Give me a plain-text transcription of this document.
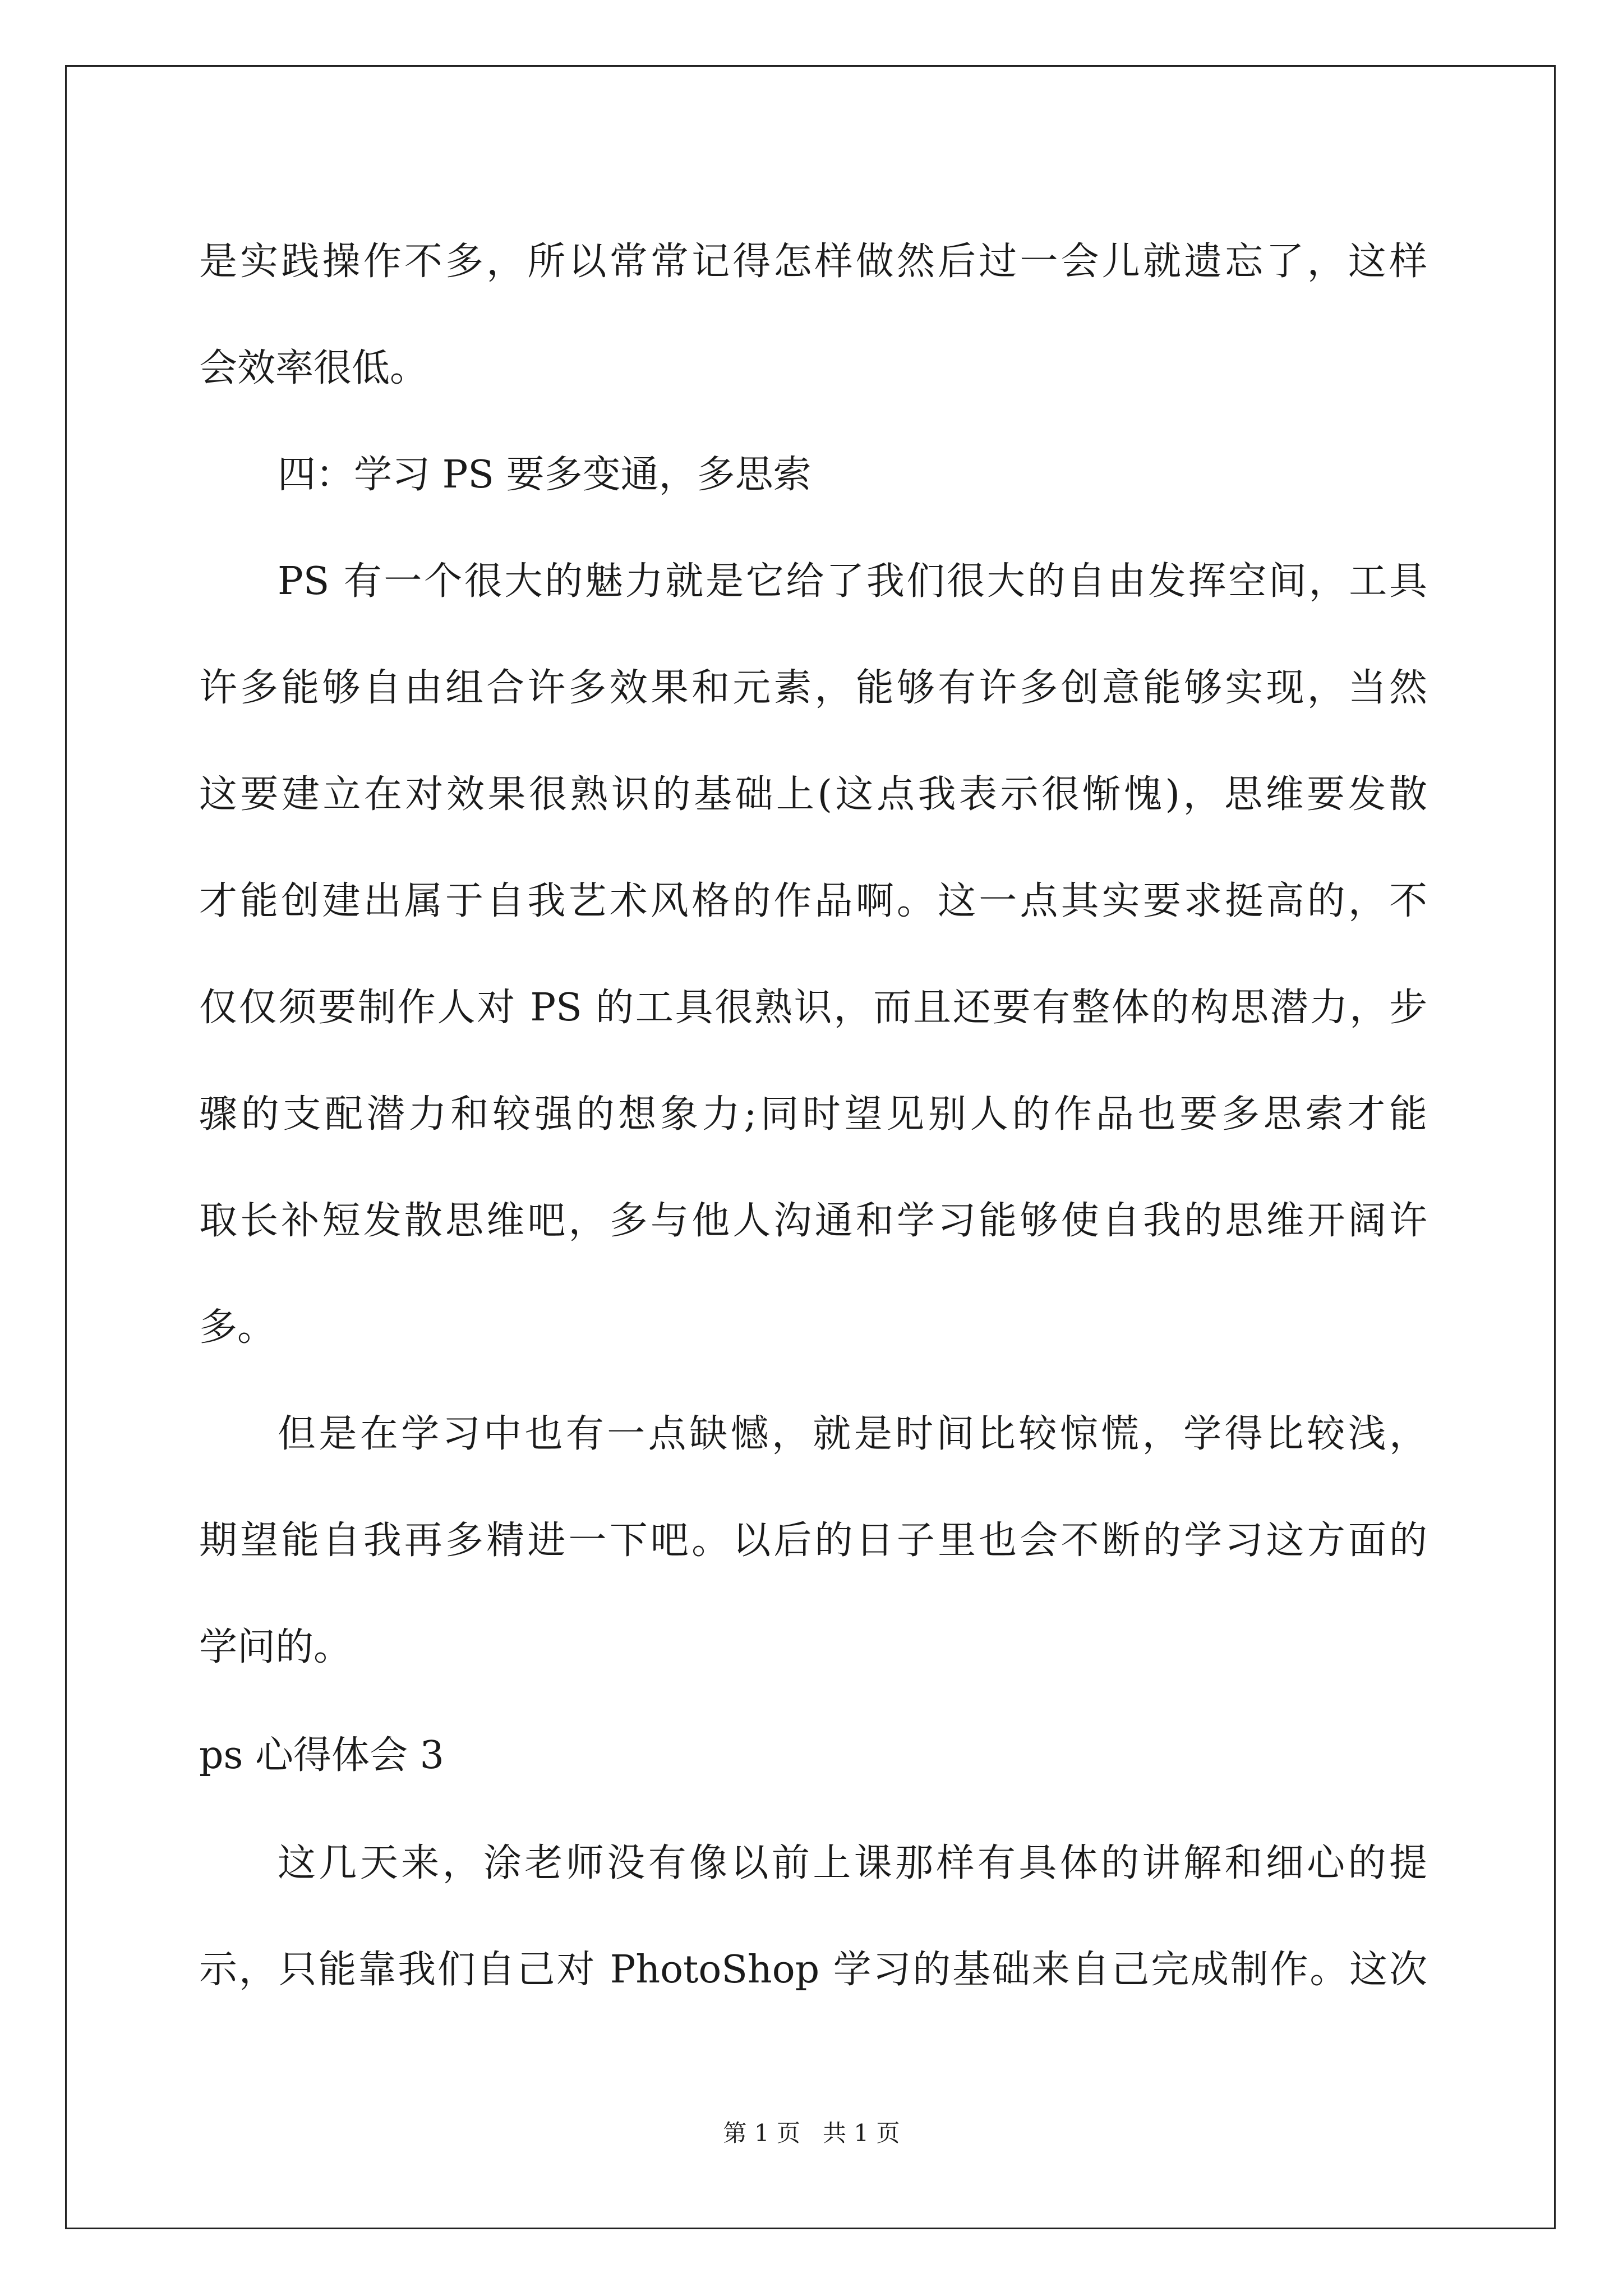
是实践操作不多，所以常常记得怎样做然后过一会儿就遗忘了，这样
会效率很低。
四：学习 PS 要多变通，多思索
PS 有一个很大的魅力就是它给了我们很大的自由发挥空间，工具
许多能够自由组合许多效果和元素，能够有许多创意能够实现，当然
这要建立在对效果很熟识的基础上(这点我表示很惭愧)，思维要发散
才能创建出属于自我艺术风格的作品啊。这一点其实要求挺高的，不
仅仅须要制作人对 PS 的工具很熟识，而且还要有整体的构思潜力，步
骤的支配潜力和较强的想象力;同时望见别人的作品也要多思索才能
取长补短发散思维吧，多与他人沟通和学习能够使自我的思维开阔许
多。
但是在学习中也有一点缺憾，就是时间比较惊慌，学得比较浅，
期望能自我再多精进一下吧。以后的日子里也会不断的学习这方面的
学问的。
ps 心得体会 3
这几天来，涂老师没有像以前上课那样有具体的讲解和细心的提
示，只能靠我们自己对 PhotoShop 学习的基础来自己完成制作。这次
第 1 页   共 1 页
